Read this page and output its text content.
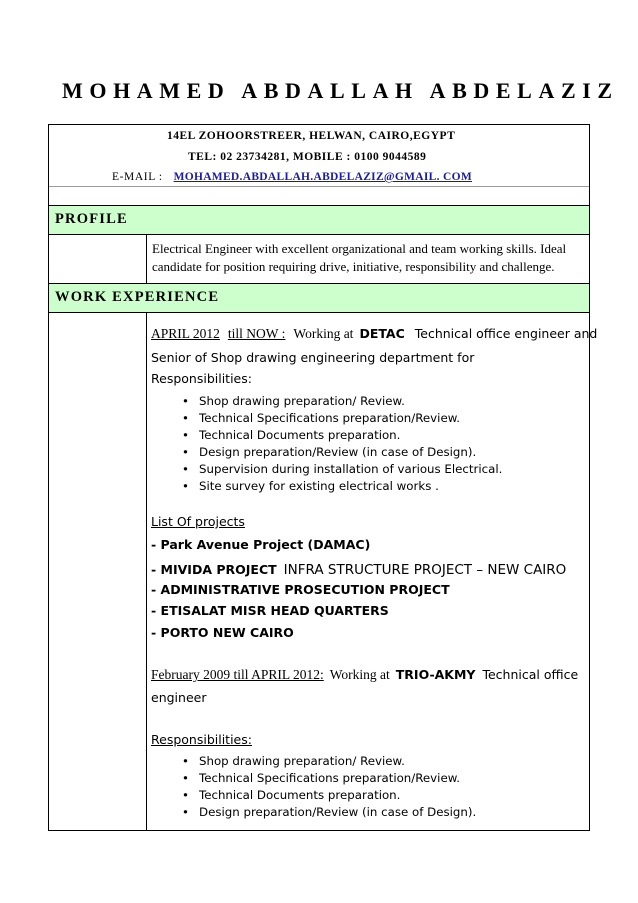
MOHAMED ABDALLAH ABDELAZIZ
14EL ZOHOORSTREER, HELWAN, CAIRO,EGYPT
TEL: 02 23734281, MOBILE : 0100 9044589
E-MAIL : MOHAMED.ABDALLAH.ABDELAZIZ@GMAIL. COM
PROFILE
Electrical Engineer with excellent organizational and team working skills. Ideal
candidate for position requiring drive, initiative, responsibility and challenge.
WORK EXPERIENCE
APRIL 2012 till NOW : Working at DETAC Technical office engineer and
Senior of Shop drawing engineering department for
Responsibilities:
• Shop drawing preparation/ Review.
• Technical Specifications preparation/Review.
• Technical Documents preparation.
• Design preparation/Review (in case of Design).
• Supervision during installation of various Electrical.
• Site survey for existing electrical works .
List Of projects
- Park Avenue Project (DAMAC)
- MIVIDA PROJECT INFRA STRUCTURE PROJECT – NEW CAIRO
- ADMINISTRATIVE PROSECUTION PROJECT
- ETISALAT MISR HEAD QUARTERS
- PORTO NEW CAIRO
February 2009 till APRIL 2012: Working at TRIO-AKMY Technical office
engineer
Responsibilities:
• Shop drawing preparation/ Review.
• Technical Specifications preparation/Review.
• Technical Documents preparation.
• Design preparation/Review (in case of Design).
